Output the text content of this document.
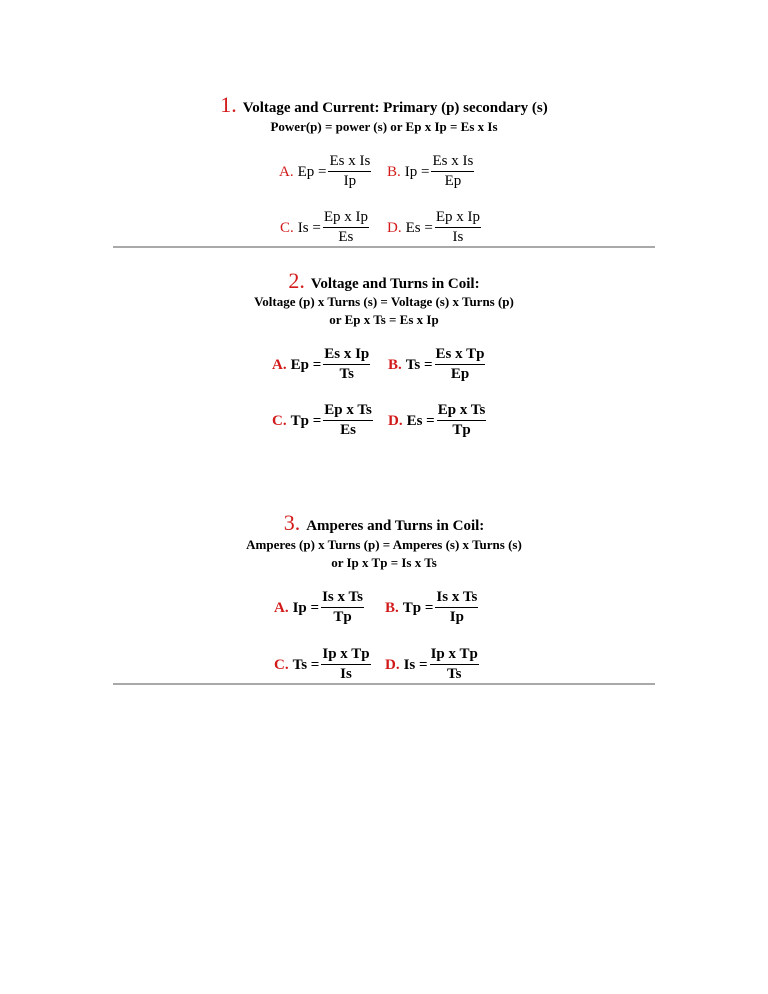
1. Voltage and Current: Primary (p) secondary (s)
Power(p) = power (s) or Ep x Ip = Es x Is
A. $Ep = \frac{\text{Es x Is}}{Ip} B$. $Ip = \frac{\text{Es x Is}}{Ep}$
C. $Is = \frac{\text{Ep x Ip}}{Es} D$. $Es = \frac{\text{Ep x Ip}}{Is}$
2. Voltage and Turns in Coil:
Voltage (p) x Turns (s) = Voltage (s) x Turns (p)
or Ep x Ts = Es x Ip
A. $Ep = \frac{\text{Es x Ip}}{Ts} B$. $Ts = \frac{\text{Es x Tp}}{Ep}$
C. $Tp = \frac{\text{Ep x Ts}}{Es} D$. $Es = \frac{\text{Ep x Ts}}{Tp}$
3. Amperes and Turns in Coil:
Amperes (p) x Turns (p) = Amperes (s) x Turns (s)
or Ip x Tp = Is x Ts
A. $Ip = \frac{\text{Is x Ts}}{Tp} B$. $Tp = \frac{\text{Is x Ts}}{Ip}$
C. $Ts = \frac{\text{Ip x Tp}}{Is} D$. $Is = \frac{\text{Ip x Tp}}{Ts}$
